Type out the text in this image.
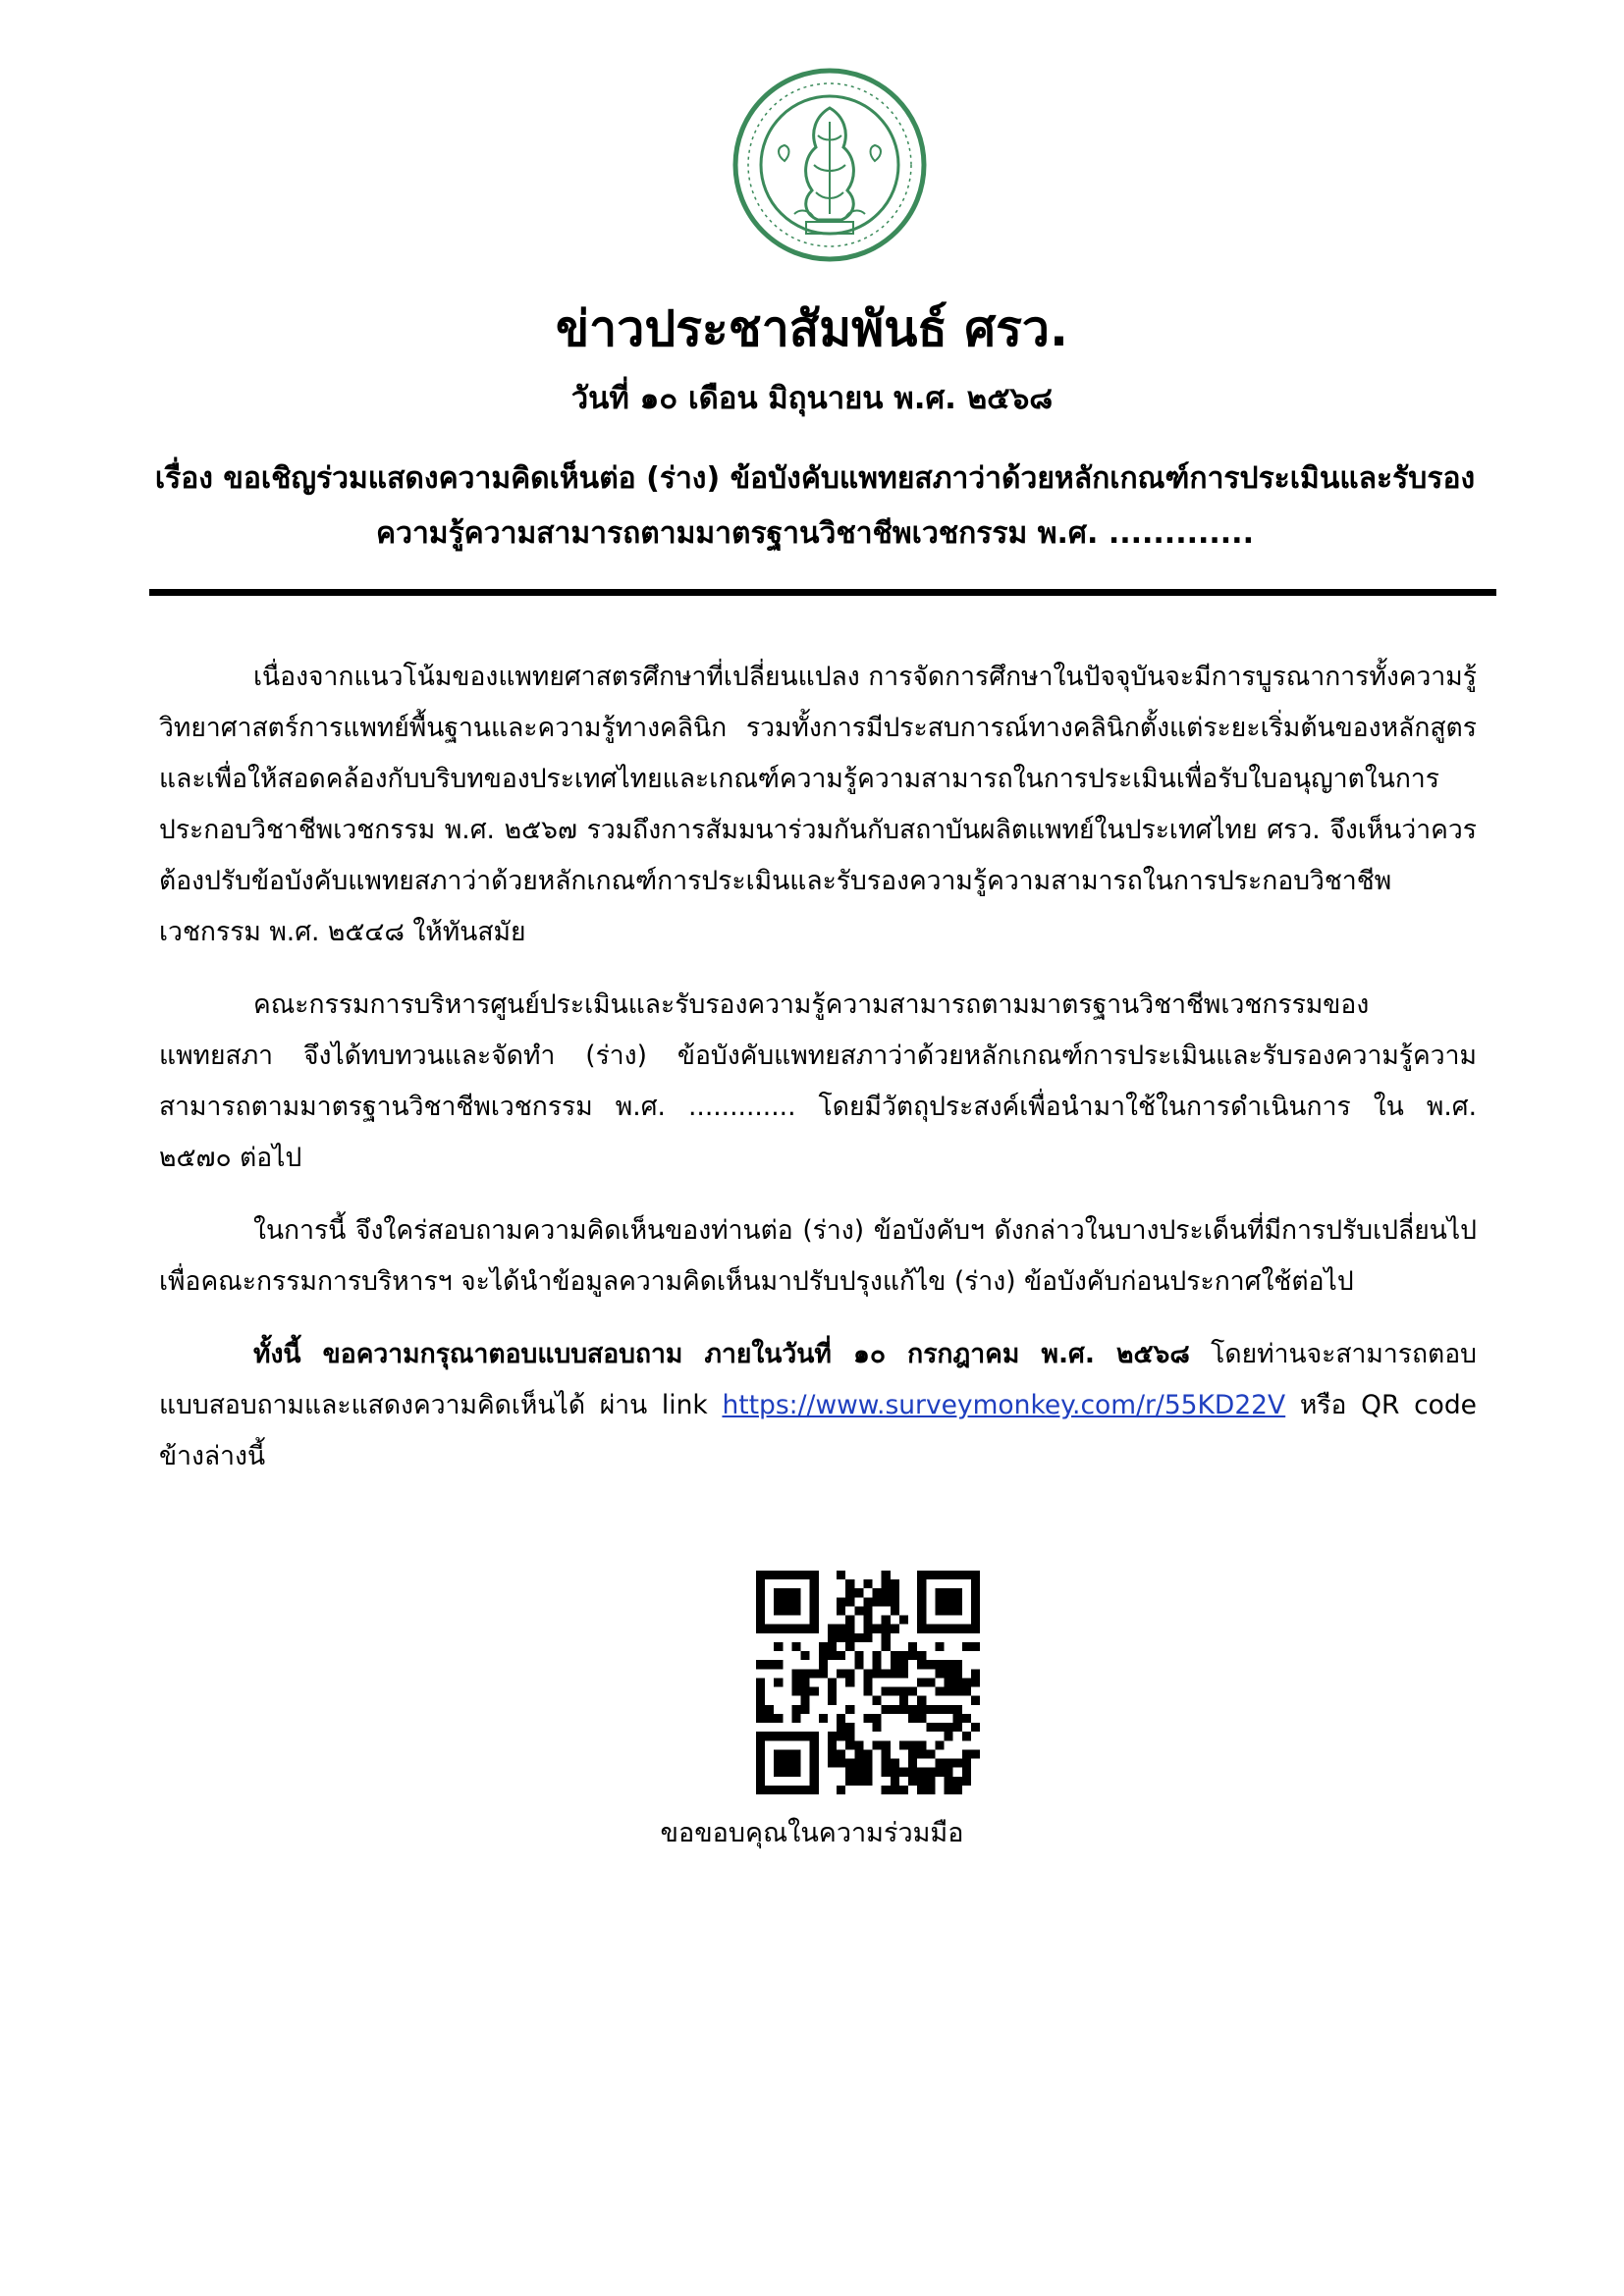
ข่าวประชาสัมพันธ์ ศรว.
วันที่ ๑๐ เดือน มิถุนายน พ.ศ. ๒๕๖๘
เรื่อง ขอเชิญร่วมแสดงความคิดเห็นต่อ (ร่าง) ข้อบังคับแพทยสภาว่าด้วยหลักเกณฑ์การประเมินและรับรองความรู้ความสามารถตามมาตรฐานวิชาชีพเวชกรรม พ.ศ. .............

เนื่องจากแนวโน้มของแพทยศาสตรศึกษาที่เปลี่ยนแปลง การจัดการศึกษาในปัจจุบันจะมีการบูรณาการทั้งความรู้วิทยาศาสตร์การแพทย์พื้นฐานและความรู้ทางคลินิก รวมทั้งการมีประสบการณ์ทางคลินิกตั้งแต่ระยะเริ่มต้นของหลักสูตร และเพื่อให้สอดคล้องกับบริบทของประเทศไทยและเกณฑ์ความรู้ความสามารถในการประเมินเพื่อรับใบอนุญาตในการประกอบวิชาชีพเวชกรรม พ.ศ. ๒๕๖๗ รวมถึงการสัมมนาร่วมกันกับสถาบันผลิตแพทย์ในประเทศไทย ศรว. จึงเห็นว่าควรต้องปรับข้อบังคับแพทยสภาว่าด้วยหลักเกณฑ์การประเมินและรับรองความรู้ความสามารถในการประกอบวิชาชีพเวชกรรม พ.ศ. ๒๕๔๘ ให้ทันสมัย

คณะกรรมการบริหารศูนย์ประเมินและรับรองความรู้ความสามารถตามมาตรฐานวิชาชีพเวชกรรมของแพทยสภา จึงได้ทบทวนและจัดทำ (ร่าง) ข้อบังคับแพทยสภาว่าด้วยหลักเกณฑ์การประเมินและรับรองความรู้ความสามารถตามมาตรฐานวิชาชีพเวชกรรม พ.ศ. ............. โดยมีวัตถุประสงค์เพื่อนำมาใช้ในการดำเนินการ ใน พ.ศ. ๒๕๗๐ ต่อไป

ในการนี้ จึงใคร่สอบถามความคิดเห็นของท่านต่อ (ร่าง) ข้อบังคับฯ ดังกล่าวในบางประเด็นที่มีการปรับเปลี่ยนไป เพื่อคณะกรรมการบริหารฯ จะได้นำข้อมูลความคิดเห็นมาปรับปรุงแก้ไข (ร่าง) ข้อบังคับก่อนประกาศใช้ต่อไป

ทั้งนี้ ขอความกรุณาตอบแบบสอบถาม ภายในวันที่ ๑๐ กรกฎาคม พ.ศ. ๒๕๖๘ โดยท่านจะสามารถตอบแบบสอบถามและแสดงความคิดเห็นได้ ผ่าน link https://www.surveymonkey.com/r/55KD22V หรือ QR code ข้างล่างนี้

ขอขอบคุณในความร่วมมือ
